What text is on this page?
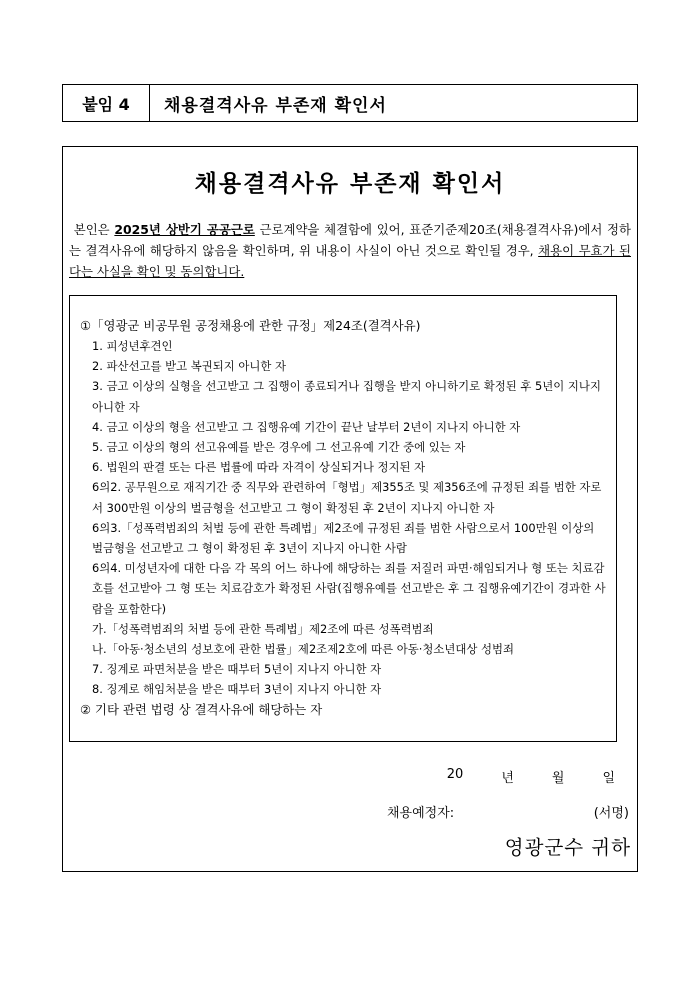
붙임 4	채용결격사유 부존재 확인서
채용결격사유 부존재 확인서
본인은 2025년 상반기 공공근로 근로계약을 체결함에 있어, 표준기준제20조(채용결격사유)에서 정하는 결격사유에 해당하지 않음을 확인하며, 위 내용이 사실이 아닌 것으로 확인될 경우, 채용이 무효가 된다는 사실을 확인 및 동의합니다.
①「영광군 비공무원 공정채용에 관한 규정」제24조(결격사유)
1. 피성년후견인
2. 파산선고를 받고 복권되지 아니한 자
3. 금고 이상의 실형을 선고받고 그 집행이 종료되거나 집행을 받지 아니하기로 확정된 후 5년이 지나지 아니한 자
4. 금고 이상의 형을 선고받고 그 집행유예 기간이 끝난 날부터 2년이 지나지 아니한 자
5. 금고 이상의 형의 선고유예를 받은 경우에 그 선고유예 기간 중에 있는 자
6. 법원의 판결 또는 다른 법률에 따라 자격이 상실되거나 정지된 자
6의2. 공무원으로 재직기간 중 직무와 관련하여「형법」제355조 및 제356조에 규정된 죄를 범한 자로서 300만원 이상의 벌금형을 선고받고 그 형이 확정된 후 2년이 지나지 아니한 자
6의3.「성폭력범죄의 처벌 등에 관한 특례법」제2조에 규정된 죄를 범한 사람으로서 100만원 이상의 벌금형을 선고받고 그 형이 확정된 후 3년이 지나지 아니한 사람
6의4. 미성년자에 대한 다음 각 목의 어느 하나에 해당하는 죄를 저질러 파면·해임되거나 형 또는 치료감호를 선고받아 그 형 또는 치료감호가 확정된 사람(집행유예를 선고받은 후 그 집행유예기간이 경과한 사람을 포함한다)
가.「성폭력범죄의 처벌 등에 관한 특례법」제2조에 따른 성폭력범죄
나.「아동·청소년의 성보호에 관한 법률」제2조제2호에 따른 아동·청소년대상 성범죄
7. 징계로 파면처분을 받은 때부터 5년이 지나지 아니한 자
8. 징계로 해임처분을 받은 때부터 3년이 지나지 아니한 자
② 기타 관련 법령 상 결격사유에 해당하는 자
20	년	월	일
채용예정자:	(서명)
영광군수 귀하
